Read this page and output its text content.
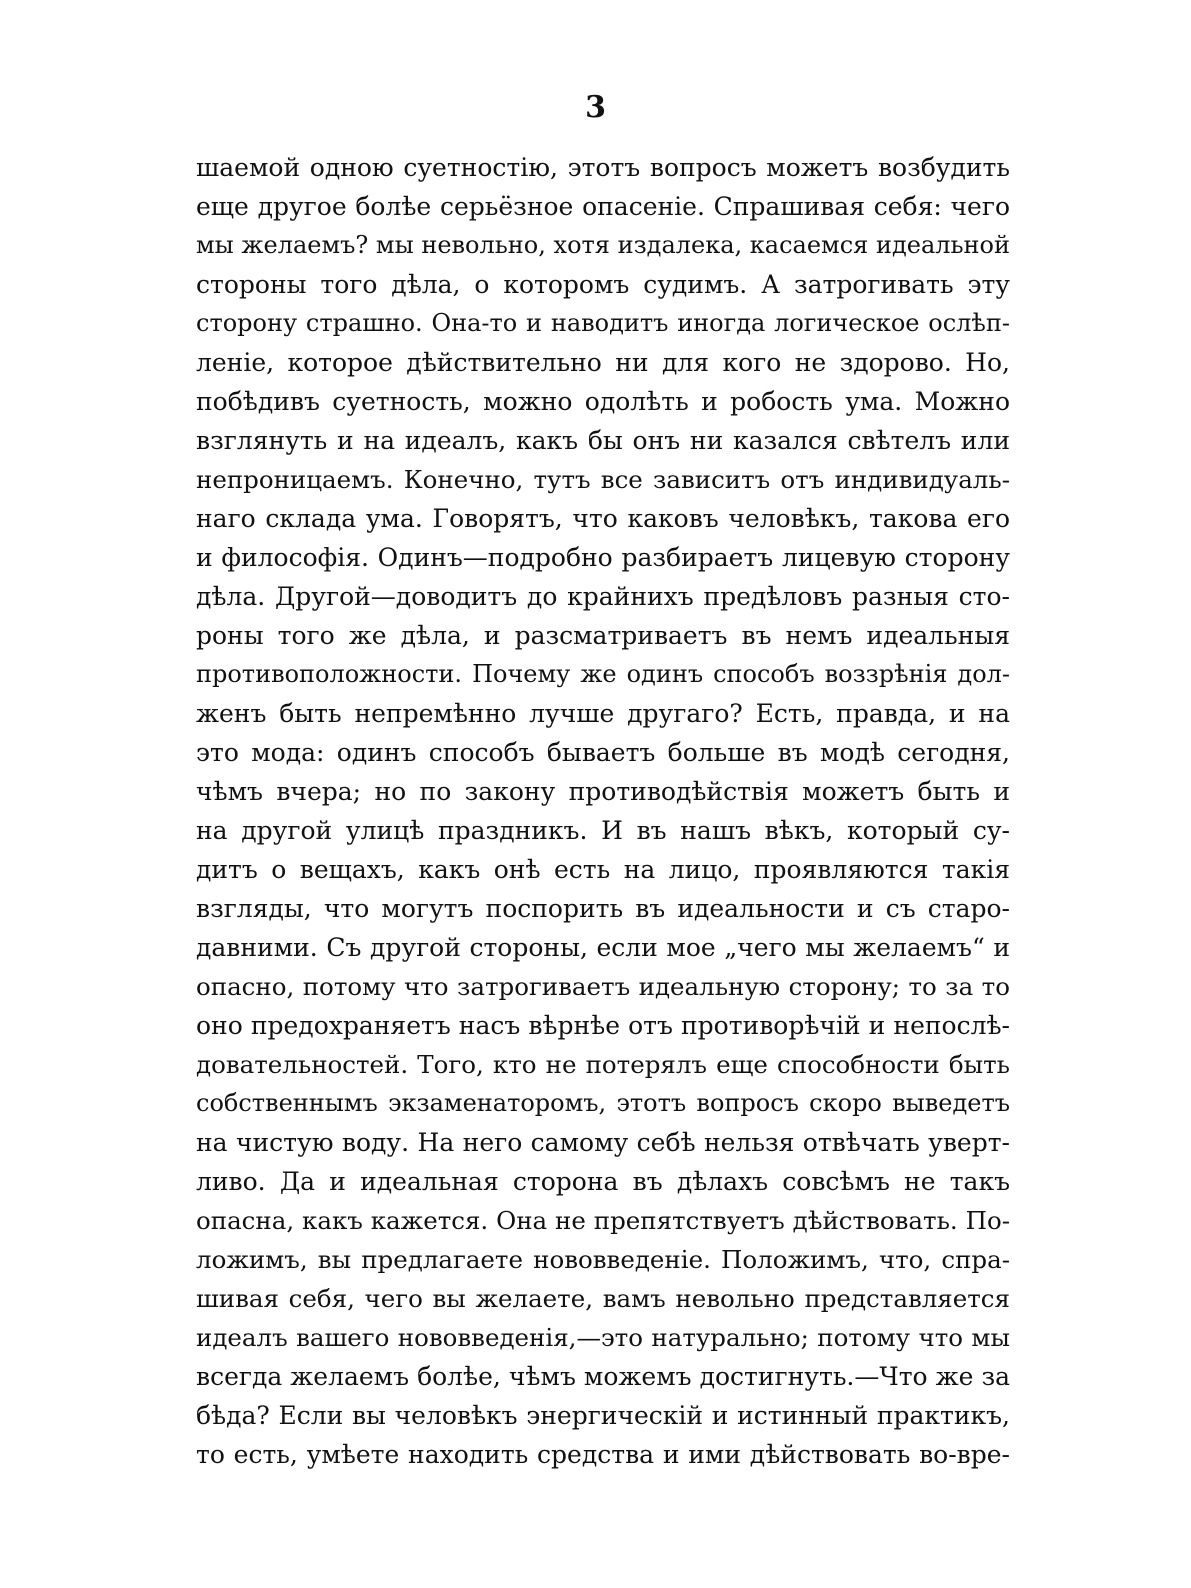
3
шаемой одною суетностію, этотъ вопросъ можетъ возбудить
еще другое болѣе серьёзное опасеніе. Спрашивая себя: чего
мы желаемъ? мы невольно, хотя издалека, касаемся идеальной
стороны того дѣла, о которомъ судимъ. А затрогивать эту
сторону страшно. Она-то и наводитъ иногда логическое ослѣп-
леніе, которое дѣйствительно ни для кого не здорово. Но,
побѣдивъ суетность, можно одолѣть и робость ума. Можно
взглянуть и на идеалъ, какъ бы онъ ни казался свѣтелъ или
непроницаемъ. Конечно, тутъ все зависитъ отъ индивидуаль-
наго склада ума. Говорятъ, что каковъ человѣкъ, такова его
и философія. Одинъ—подробно разбираетъ лицевую сторону
дѣла. Другой—доводитъ до крайнихъ предѣловъ разныя сто-
роны того же дѣла, и разсматриваетъ въ немъ идеальныя
противоположности. Почему же одинъ способъ воззрѣнія дол-
женъ быть непремѣнно лучше другаго? Есть, правда, и на
это мода: одинъ способъ бываетъ больше въ модѣ сегодня,
чѣмъ вчера; но по закону противодѣйствія можетъ быть и
на другой улицѣ праздникъ. И въ нашъ вѣкъ, который су-
дитъ о вещахъ, какъ онѣ есть на лицо, проявляются такія
взгляды, что могутъ поспорить въ идеальности и съ старо-
давними. Съ другой стороны, если мое „чего мы желаемъ“ и
опасно, потому что затрогиваетъ идеальную сторону; то за то
оно предохраняетъ насъ вѣрнѣе отъ противорѣчій и непослѣ-
довательностей. Того, кто не потерялъ еще способности быть
собственнымъ экзаменаторомъ, этотъ вопросъ скоро выведетъ
на чистую воду. На него самому себѣ нельзя отвѣчать уверт-
ливо. Да и идеальная сторона въ дѣлахъ совсѣмъ не такъ
опасна, какъ кажется. Она не препятствуетъ дѣйствовать. По-
ложимъ, вы предлагаете нововведеніе. Положимъ, что, спра-
шивая себя, чего вы желаете, вамъ невольно представляется
идеалъ вашего нововведенія,—это натурально; потому что мы
всегда желаемъ болѣе, чѣмъ можемъ достигнуть.—Что же за
бѣда? Если вы человѣкъ энергическій и истинный практикъ,
то есть, умѣете находить средства и ими дѣйствовать во-вре-
